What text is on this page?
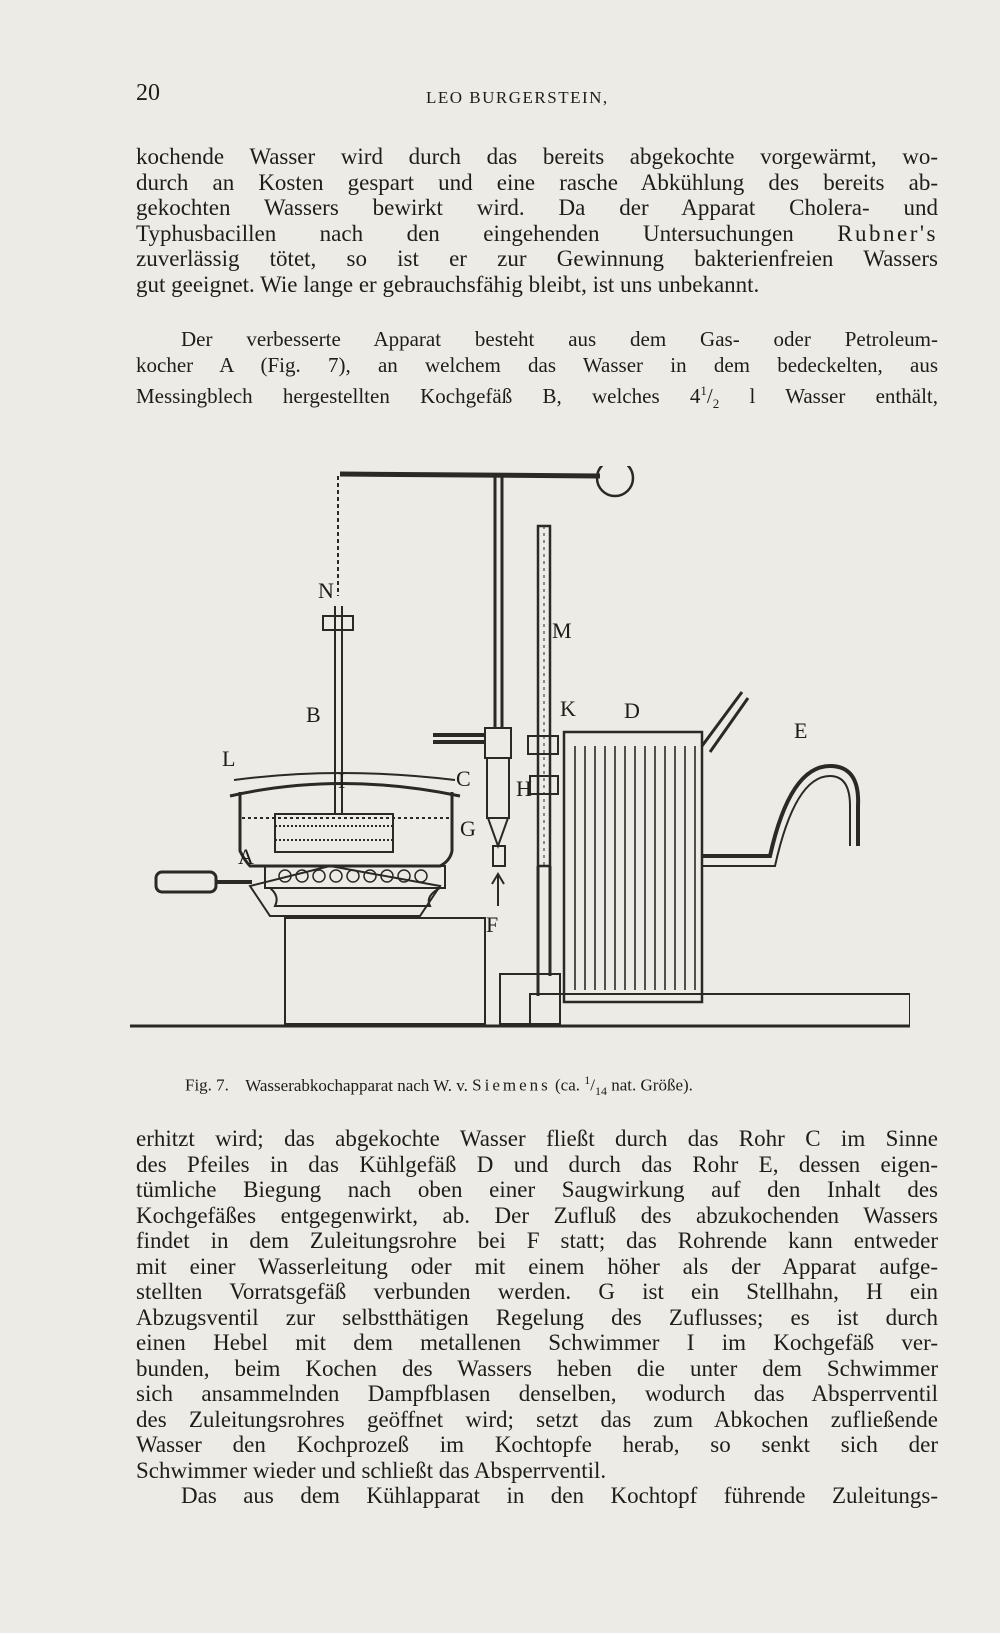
20	LEO BURGERSTEIN,
kochende Wasser wird durch das bereits abgekochte vorgewärmt, wo-
durch an Kosten gespart und eine rasche Abkühlung des bereits ab-
gekochten Wassers bewirkt wird. Da der Apparat Cholera- und
Typhusbacillen nach den eingehenden Untersuchungen Rubner's
zuverlässig tötet, so ist er zur Gewinnung bakterienfreien Wassers
gut geeignet. Wie lange er gebrauchsfähig bleibt, ist uns unbekannt.
Der verbesserte Apparat besteht aus dem Gas- oder Petroleum-
kocher A (Fig. 7), an welchem das Wasser in dem bedeckelten, aus
Messingblech hergestellten Kochgefäß B, welches $4^1/_2$ l Wasser enthält,
N
M
B	K D
E
L
I	C H
G
A
F
Fig. 7. Wasserabkochapparat nach W. v. Siemens (ca. $^1/_{14}$ nat. Größe).
erhitzt wird; das abgekochte Wasser fließt durch das Rohr C im Sinne
des Pfeiles in das Kühlgefäß D und durch das Rohr E, dessen eigen-
tümliche Biegung nach oben einer Saugwirkung auf den Inhalt des
Kochgefäßes entgegenwirkt, ab. Der Zufluß des abzukochenden Wassers
findet in dem Zuleitungsrohre bei F statt; das Rohrende kann entweder
mit einer Wasserleitung oder mit einem höher als der Apparat aufge-
stellten Vorratsgefäß verbunden werden. G ist ein Stellhahn, H ein
Abzugsventil zur selbstthätigen Regelung des Zuflusses; es ist durch
einen Hebel mit dem metallenen Schwimmer I im Kochgefäß ver-
bunden, beim Kochen des Wassers heben die unter dem Schwimmer
sich ansammelnden Dampfblasen denselben, wodurch das Absperrventil
des Zuleitungsrohres geöffnet wird; setzt das zum Abkochen zufließende
Wasser den Kochprozeß im Kochtopfe herab, so senkt sich der
Schwimmer wieder und schließt das Absperrventil.
Das aus dem Kühlapparat in den Kochtopf führende Zuleitungs-
